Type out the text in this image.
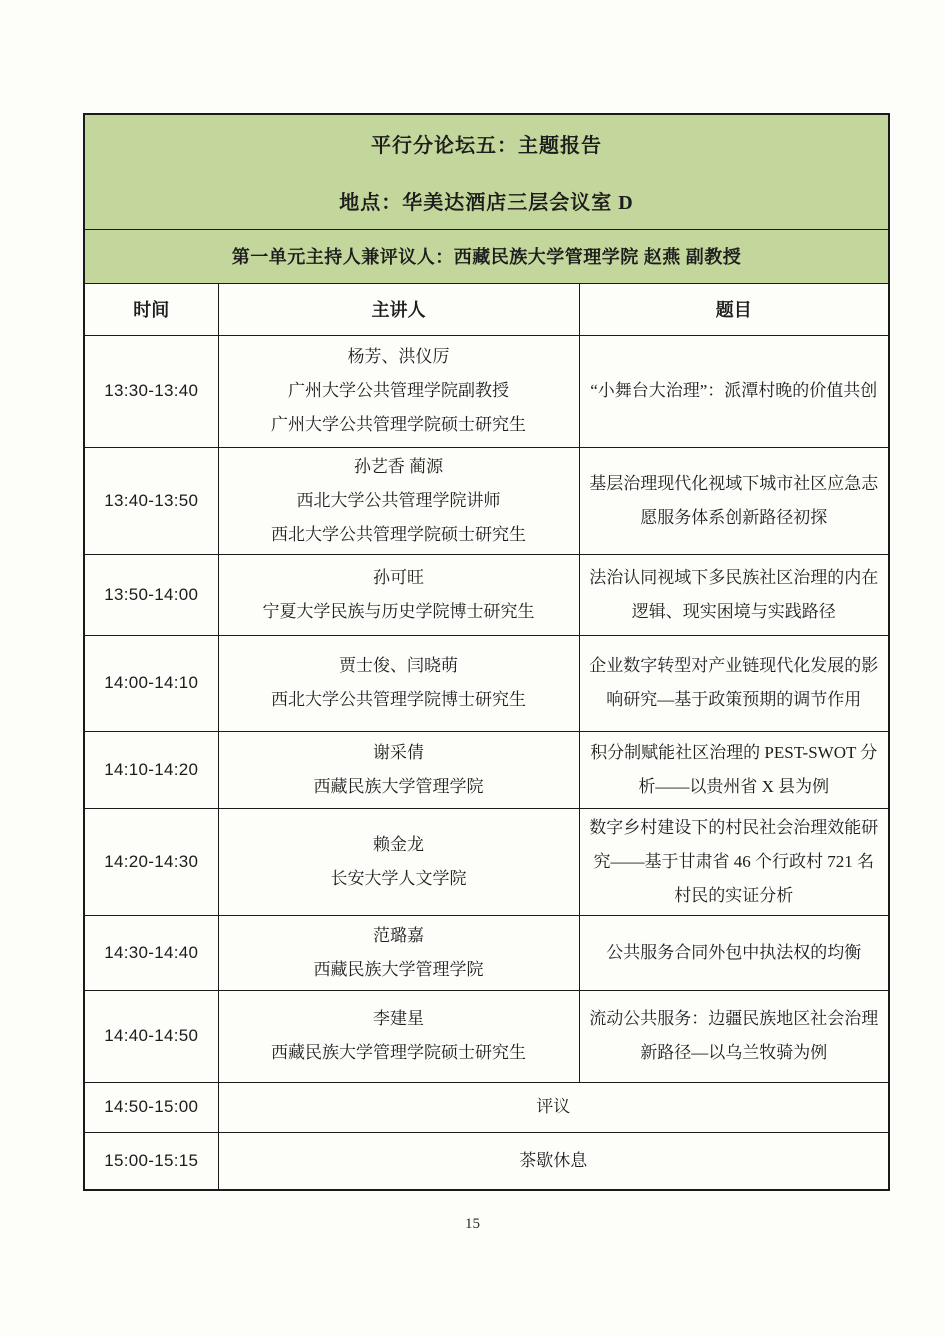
平行分论坛五：主题报告
地点：华美达酒店三层会议室 D		

第一单元主持人兼评议人：西藏民族大学管理学院 赵燕 副教授		
时间	主讲人	题目
13:30-13:40	杨芳、洪仪厉
广州大学公共管理学院副教授
广州大学公共管理学院硕士研究生	“小舞台大治理”：派潭村晚的价值共创
13:40-13:50	孙艺香 蔺源
西北大学公共管理学院讲师
西北大学公共管理学院硕士研究生	基层治理现代化视域下城市社区应急志愿服务体系创新路径初探
13:50-14:00	孙可旺
宁夏大学民族与历史学院博士研究生	法治认同视域下多民族社区治理的内在逻辑、现实困境与实践路径
14:00-14:10	贾士俊、闫晓萌
西北大学公共管理学院博士研究生	企业数字转型对产业链现代化发展的影响研究—基于政策预期的调节作用
14:10-14:20	谢采倩
西藏民族大学管理学院	积分制赋能社区治理的 PEST-SWOT 分析——以贵州省 X 县为例
14:20-14:30	赖金龙
长安大学人文学院	数字乡村建设下的村民社会治理效能研究——基于甘肃省 46 个行政村 721 名村民的实证分析
14:30-14:40	范璐嘉
西藏民族大学管理学院	公共服务合同外包中执法权的均衡
14:40-14:50	李建星
西藏民族大学管理学院硕士研究生	流动公共服务：边疆民族地区社会治理新路径—以乌兰牧骑为例
14:50-15:00	评议	
15:00-15:15	茶歇休息	
15
